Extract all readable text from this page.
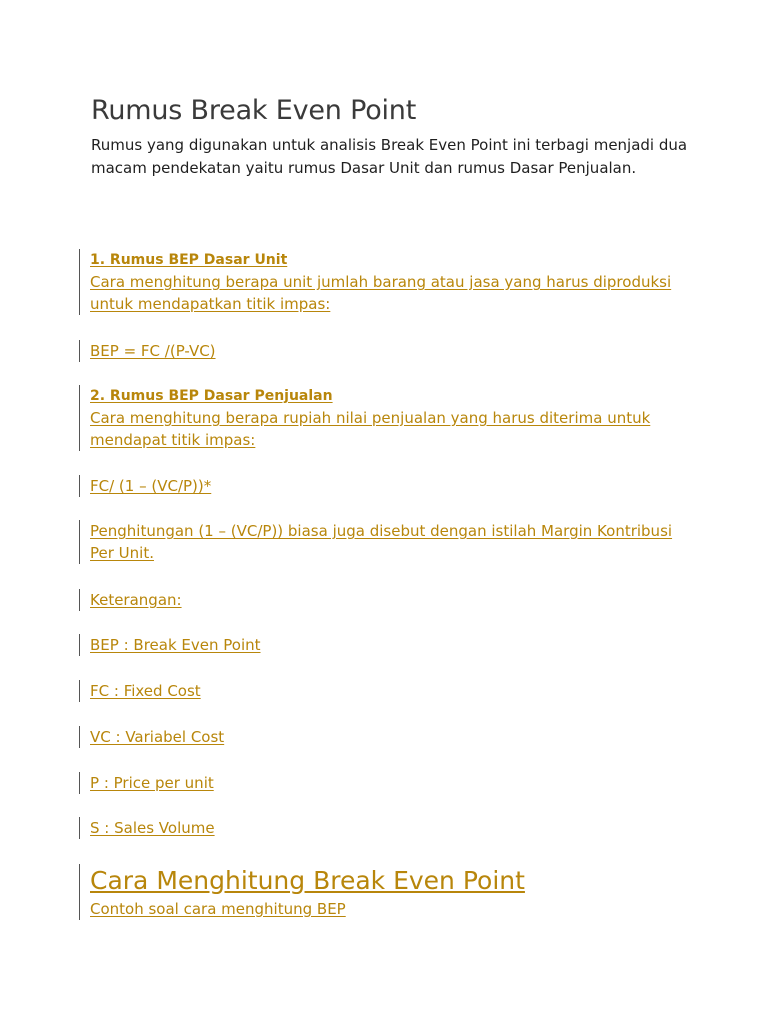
Rumus Break Even Point

Rumus yang digunakan untuk analisis Break Even Point ini terbagi menjadi dua macam pendekatan yaitu rumus Dasar Unit dan rumus Dasar Penjualan.

1. Rumus BEP Dasar Unit
Cara menghitung berapa unit jumlah barang atau jasa yang harus diproduksi
untuk mendapatkan titik impas:
BEP = FC /(P-VC)
2. Rumus BEP Dasar Penjualan
Cara menghitung berapa rupiah nilai penjualan yang harus diterima untuk
mendapat titik impas:
FC/ (1 – (VC/P))*
Penghitungan (1 – (VC/P)) biasa juga disebut dengan istilah Margin Kontribusi
Per Unit.
Keterangan:
BEP : Break Even Point
FC : Fixed Cost
VC : Variabel Cost
P : Price per unit
S : Sales Volume
Cara Menghitung Break Even Point
Contoh soal cara menghitung BEP
